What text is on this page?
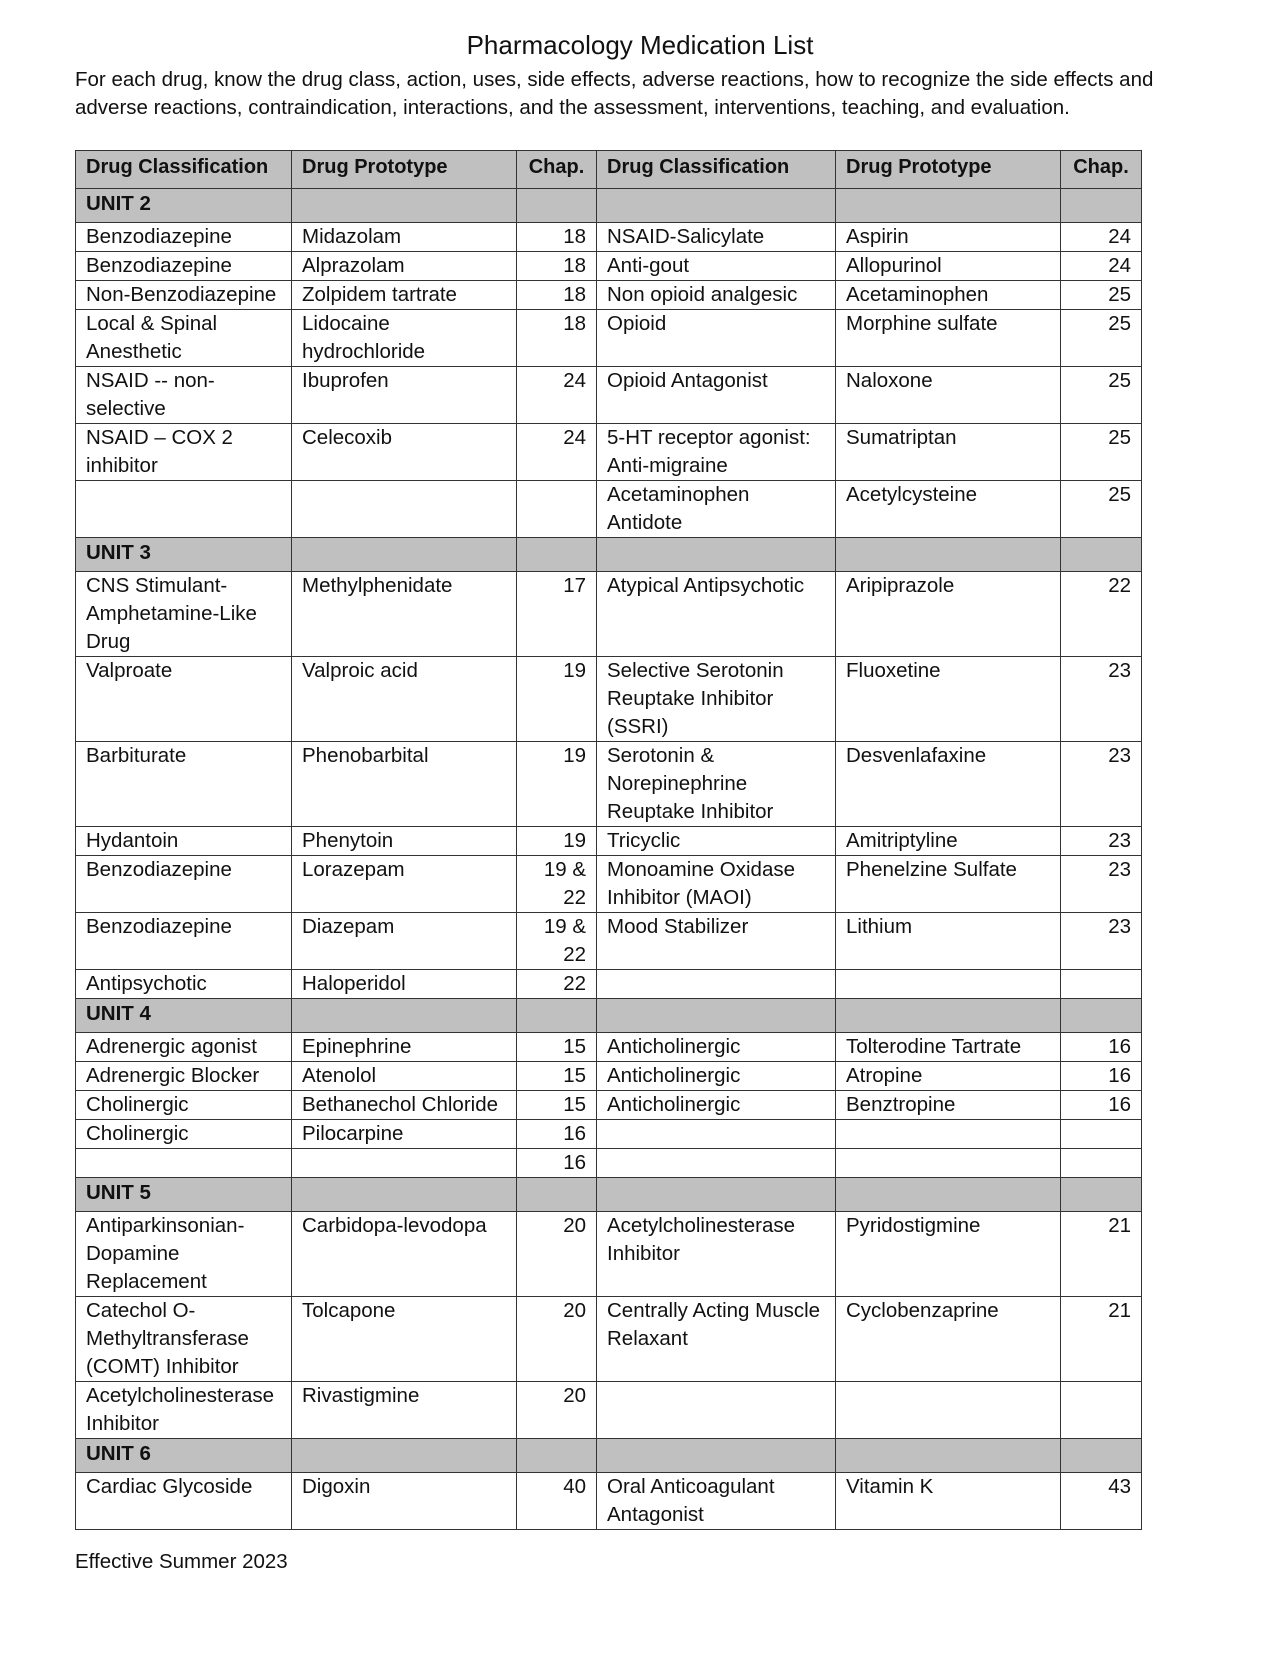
Pharmacology Medication List

For each drug, know the drug class, action, uses, side effects, adverse reactions, how to recognize the side effects and adverse reactions, contraindication, interactions, and the assessment, interventions, teaching, and evaluation.

Drug Classification	Drug Prototype	Chap.	Drug Classification	Drug Prototype	Chap.
UNIT 2					
Benzodiazepine	Midazolam	18	NSAID-Salicylate	Aspirin	24
Benzodiazepine	Alprazolam	18	Anti-gout	Allopurinol	24
Non-Benzodiazepine	Zolpidem tartrate	18	Non opioid analgesic	Acetaminophen	25
Local & Spinal Anesthetic	Lidocaine hydrochloride	18	Opioid	Morphine sulfate	25
NSAID -- non-selective	Ibuprofen	24	Opioid Antagonist	Naloxone	25
NSAID – COX 2 inhibitor	Celecoxib	24	5-HT receptor agonist: Anti-migraine	Sumatriptan	25
			Acetaminophen Antidote	Acetylcysteine	25
UNIT 3					
CNS Stimulant-Amphetamine-Like Drug	Methylphenidate	17	Atypical Antipsychotic	Aripiprazole	22
Valproate	Valproic acid	19	Selective Serotonin Reuptake Inhibitor (SSRI)	Fluoxetine	23
Barbiturate	Phenobarbital	19	Serotonin & Norepinephrine Reuptake Inhibitor	Desvenlafaxine	23
Hydantoin	Phenytoin	19	Tricyclic	Amitriptyline	23
Benzodiazepine	Lorazepam	19 & 22	Monoamine Oxidase Inhibitor (MAOI)	Phenelzine Sulfate	23
Benzodiazepine	Diazepam	19 & 22	Mood Stabilizer	Lithium	23
Antipsychotic	Haloperidol	22			
UNIT 4					
Adrenergic agonist	Epinephrine	15	Anticholinergic	Tolterodine Tartrate	16
Adrenergic Blocker	Atenolol	15	Anticholinergic	Atropine	16
Cholinergic	Bethanechol Chloride	15	Anticholinergic	Benztropine	16
Cholinergic	Pilocarpine	16			
		16			
UNIT 5					
Antiparkinsonian-Dopamine Replacement	Carbidopa-levodopa	20	Acetylcholinesterase Inhibitor	Pyridostigmine	21
Catechol O-Methyltransferase (COMT) Inhibitor	Tolcapone	20	Centrally Acting Muscle Relaxant	Cyclobenzaprine	21
Acetylcholinesterase Inhibitor	Rivastigmine	20			
UNIT 6					
Cardiac Glycoside	Digoxin	40	Oral Anticoagulant Antagonist	Vitamin K	43

Effective Summer 2023
